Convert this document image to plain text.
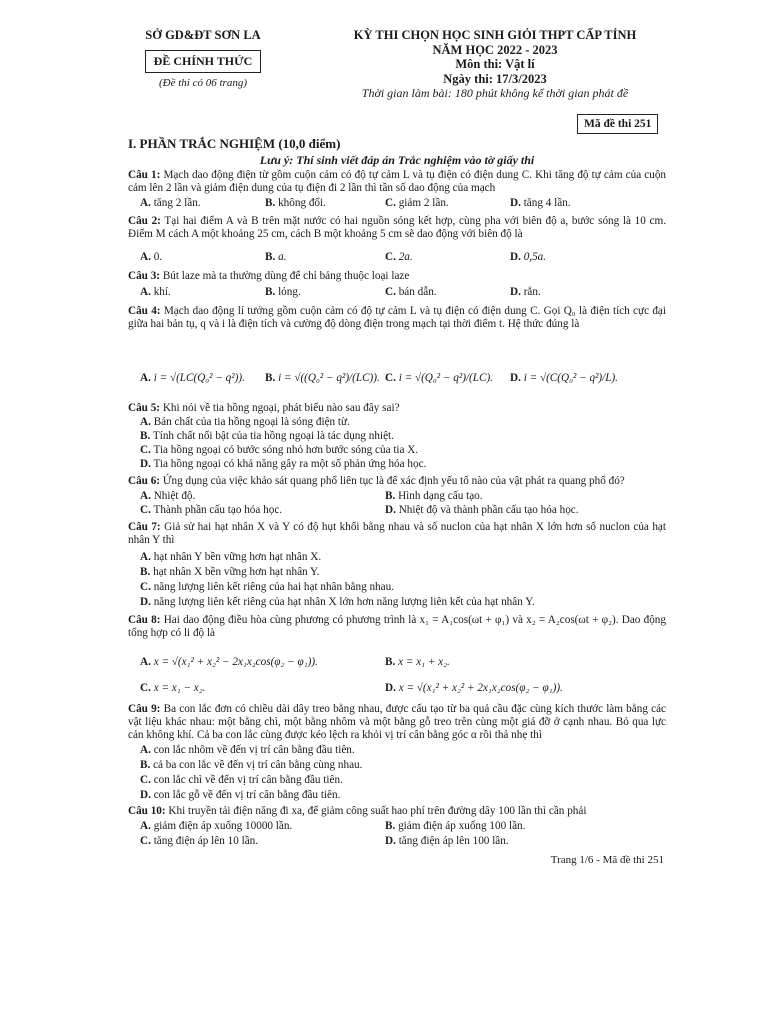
SỞ GD&ĐT SƠN LA
ĐỀ CHÍNH THỨC
(Đề thi có 06 trang)
KỲ THI CHỌN HỌC SINH GIỎI THPT CẤP TỈNH
NĂM HỌC 2022 - 2023
Môn thi: Vật lí
Ngày thi: 17/3/2023
Thời gian làm bài: 180 phút không kể thời gian phát đề
Mã đề thi 251
I. PHẦN TRẮC NGHIỆM (10,0 điểm)
Lưu ý: Thí sinh viết đáp án Trắc nghiệm vào tờ giấy thi
Câu 1: Mạch dao động điện từ gồm cuộn cảm có độ tự cảm L và tụ điện có điện dung C. Khi tăng độ tự cảm của cuộn cảm lên 2 lần và giảm điện dung của tụ điện đi 2 lần thì tần số dao động của mạch
A. tăng 2 lần.	B. không đổi.	C. giảm 2 lần.	D. tăng 4 lần.
Câu 2: Tại hai điểm A và B trên mặt nước có hai nguồn sóng kết hợp, cùng pha với biên độ a, bước sóng là 10 cm. Điểm M cách A một khoảng 25 cm, cách B một khoảng 5 cm sẽ dao động với biên độ là
A. 0.	B. a.	C. 2a.	D. 0,5a.
Câu 3: Bút laze mà ta thường dùng để chỉ bảng thuộc loại laze
A. khí.	B. lỏng.	C. bán dẫn.	D. rắn.
Câu 4: Mạch dao động lí tưởng gồm cuộn cảm có độ tự cảm L và tụ điện có điện dung C. Gọi Q₀ là điện tích cực đại giữa hai bản tụ, q và i là điện tích và cường độ dòng điện trong mạch tại thời điểm t. Hệ thức đúng là
A. i = √(LC(Q₀² − q²)). B. i = √((Q₀² − q²)/(LC)). C. i = √(Q₀² − q²)/(LC). D. i = √(C(Q₀² − q²)/L).
Câu 5: Khi nói về tia hồng ngoại, phát biểu nào sau đây sai?
A. Bản chất của tia hồng ngoại là sóng điện từ.
B. Tính chất nổi bật của tia hồng ngoại là tác dụng nhiệt.
C. Tia hồng ngoại có bước sóng nhỏ hơn bước sóng của tia X.
D. Tia hồng ngoại có khả năng gây ra một số phản ứng hóa học.
Câu 6: Ứng dụng của việc khảo sát quang phổ liên tục là để xác định yếu tố nào của vật phát ra quang phổ đó?
A. Nhiệt độ.	B. Hình dạng cấu tạo.
C. Thành phần cấu tạo hóa học.	D. Nhiệt độ và thành phần cấu tạo hóa học.
Câu 7: Giả sử hai hạt nhân X và Y có độ hụt khối bằng nhau và số nuclon của hạt nhân X lớn hơn số nuclon của hạt nhân Y thì
A. hạt nhân Y bền vững hơn hạt nhân X.
B. hạt nhân X bền vững hơn hạt nhân Y.
C. năng lượng liên kết riêng của hai hạt nhân bằng nhau.
D. năng lượng liên kết riêng của hạt nhân X lớn hơn năng lượng liên kết của hạt nhân Y.
Câu 8: Hai dao động điều hòa cùng phương có phương trình là x₁ = A₁cos(ωt + φ₁) và x₂ = A₂cos(ωt + φ₂). Dao động tổng hợp có li độ là
A. x = √(x₁² + x₂² − 2x₁x₂cos(φ₂ − φ₁)).	B. x = x₁ + x₂.
C. x = x₁ − x₂.	D. x = √(x₁² + x₂² + 2x₁x₂cos(φ₂ − φ₁)).
Câu 9: Ba con lắc đơn có chiều dài dây treo bằng nhau, được cấu tạo từ ba quả cầu đặc cùng kích thước làm bằng các vật liệu khác nhau: một bằng chì, một bằng nhôm và một bằng gỗ treo trên cùng một giá đỡ ở cạnh nhau. Bỏ qua lực cản không khí. Cả ba con lắc cùng được kéo lệch ra khỏi vị trí cân bằng góc α rồi thả nhẹ thì
A. con lắc nhôm về đến vị trí cân bằng đầu tiên.
B. cả ba con lắc về đến vị trí cân bằng cùng nhau.
C. con lắc chì về đến vị trí cân bằng đầu tiên.
D. con lắc gỗ về đến vị trí cân bằng đầu tiên.
Câu 10: Khi truyền tải điện năng đi xa, để giảm công suất hao phí trên đường dây 100 lần thì cần phải
A. giảm điện áp xuống 10000 lần.	B. giảm điện áp xuống 100 lần.
C. tăng điện áp lên 10 lần.	D. tăng điện áp lên 100 lần.
Trang 1/6 - Mã đề thi 251
